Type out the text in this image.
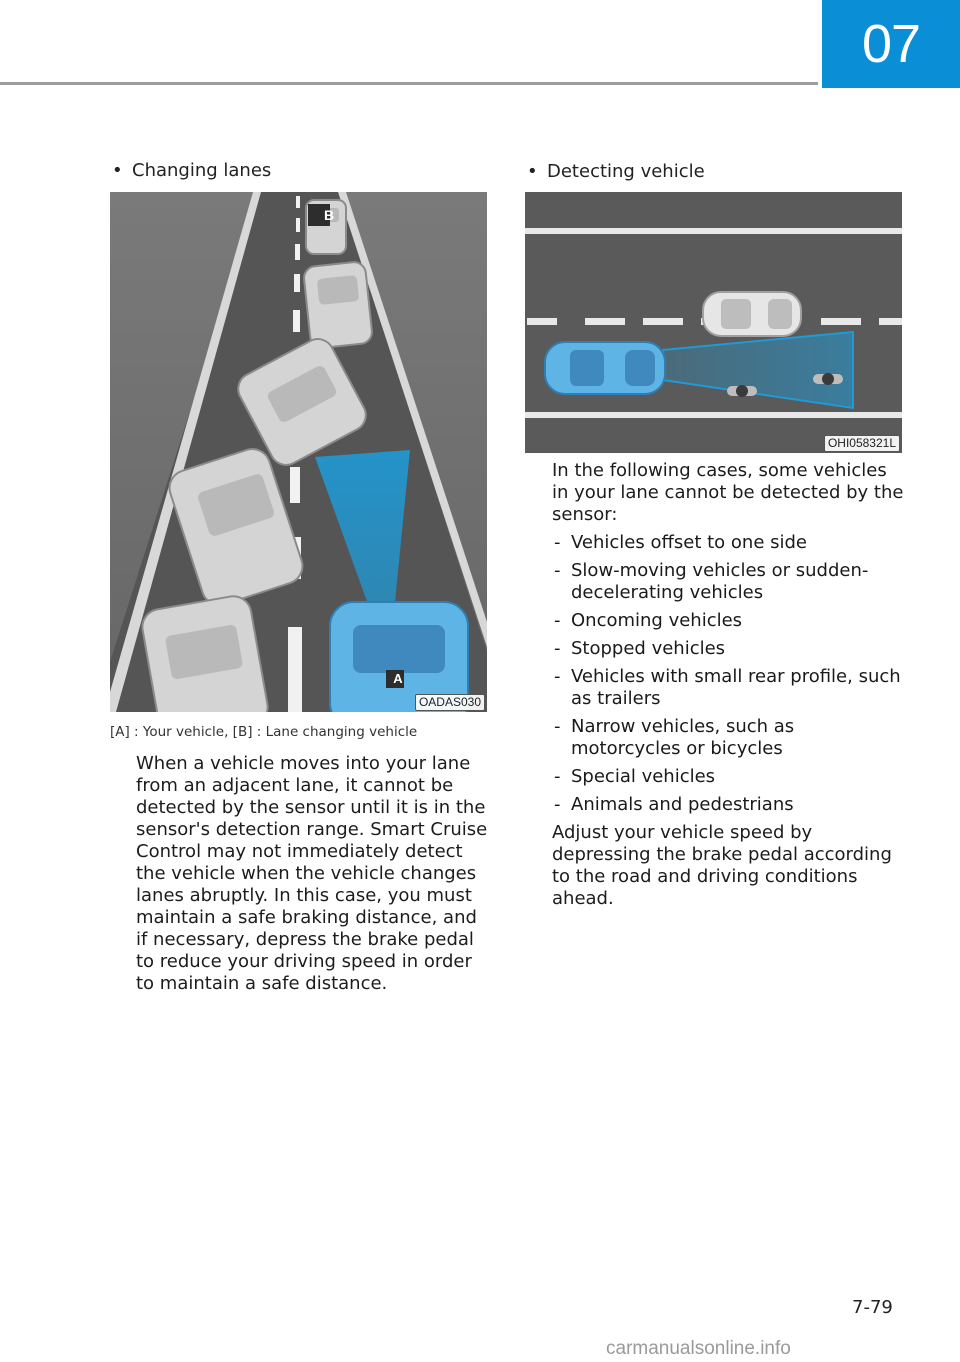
07
• Changing lanes
A
B
OADAS030
[A] : Your vehicle, [B] : Lane changing vehicle

When a vehicle moves into your lane
from an adjacent lane, it cannot be
detected by the sensor until it is in the
sensor's detection range. Smart Cruise
Control may not immediately detect
the vehicle when the vehicle changes
lanes abruptly. In this case, you must
maintain a safe braking distance, and
if necessary, depress the brake pedal
to reduce your driving speed in order
to maintain a safe distance.

• Detecting vehicle
OHI058321L

In the following cases, some vehicles
in your lane cannot be detected by the
sensor:

- Vehicles offset to one side
- Slow-moving vehicles or sudden-
decelerating vehicles
- Oncoming vehicles
- Stopped vehicles
- Vehicles with small rear profile, such
as trailers
- Narrow vehicles, such as
motorcycles or bicycles
- Special vehicles
- Animals and pedestrians

Adjust your vehicle speed by
depressing the brake pedal according
to the road and driving conditions
ahead.

7-79
carmanualsonline.info
